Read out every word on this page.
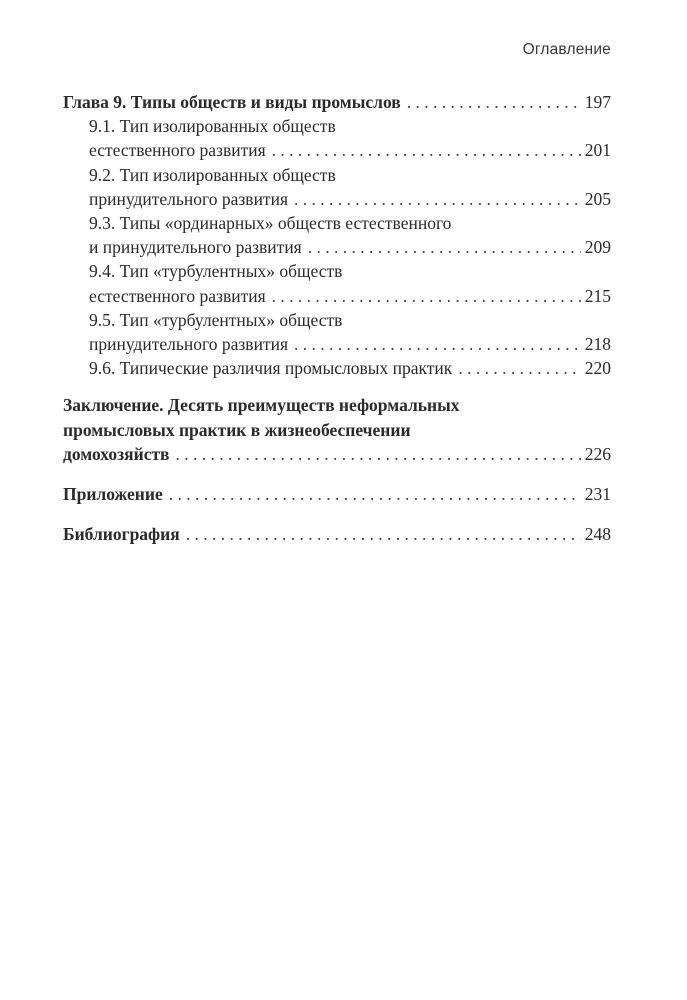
Оглавление
Глава 9. Типы обществ и виды промыслов . . .	197
9.1. Тип изолированных обществ
естественного развития . . .	201
9.2. Тип изолированных обществ
принудительного развития . . .	205
9.3. Типы «ординарных» обществ естественного
и принудительного развития . . .	209
9.4. Тип «турбулентных» обществ
естественного развития . . .	215
9.5. Тип «турбулентных» обществ
принудительного развития . . .	218
9.6. Типические различия промысловых практик . . .	220
Заключение. Десять преимуществ неформальных
промысловых практик в жизнеобеспечении
домохозяйств . . .	226
Приложение . . .	231
Библиография . . .	248
